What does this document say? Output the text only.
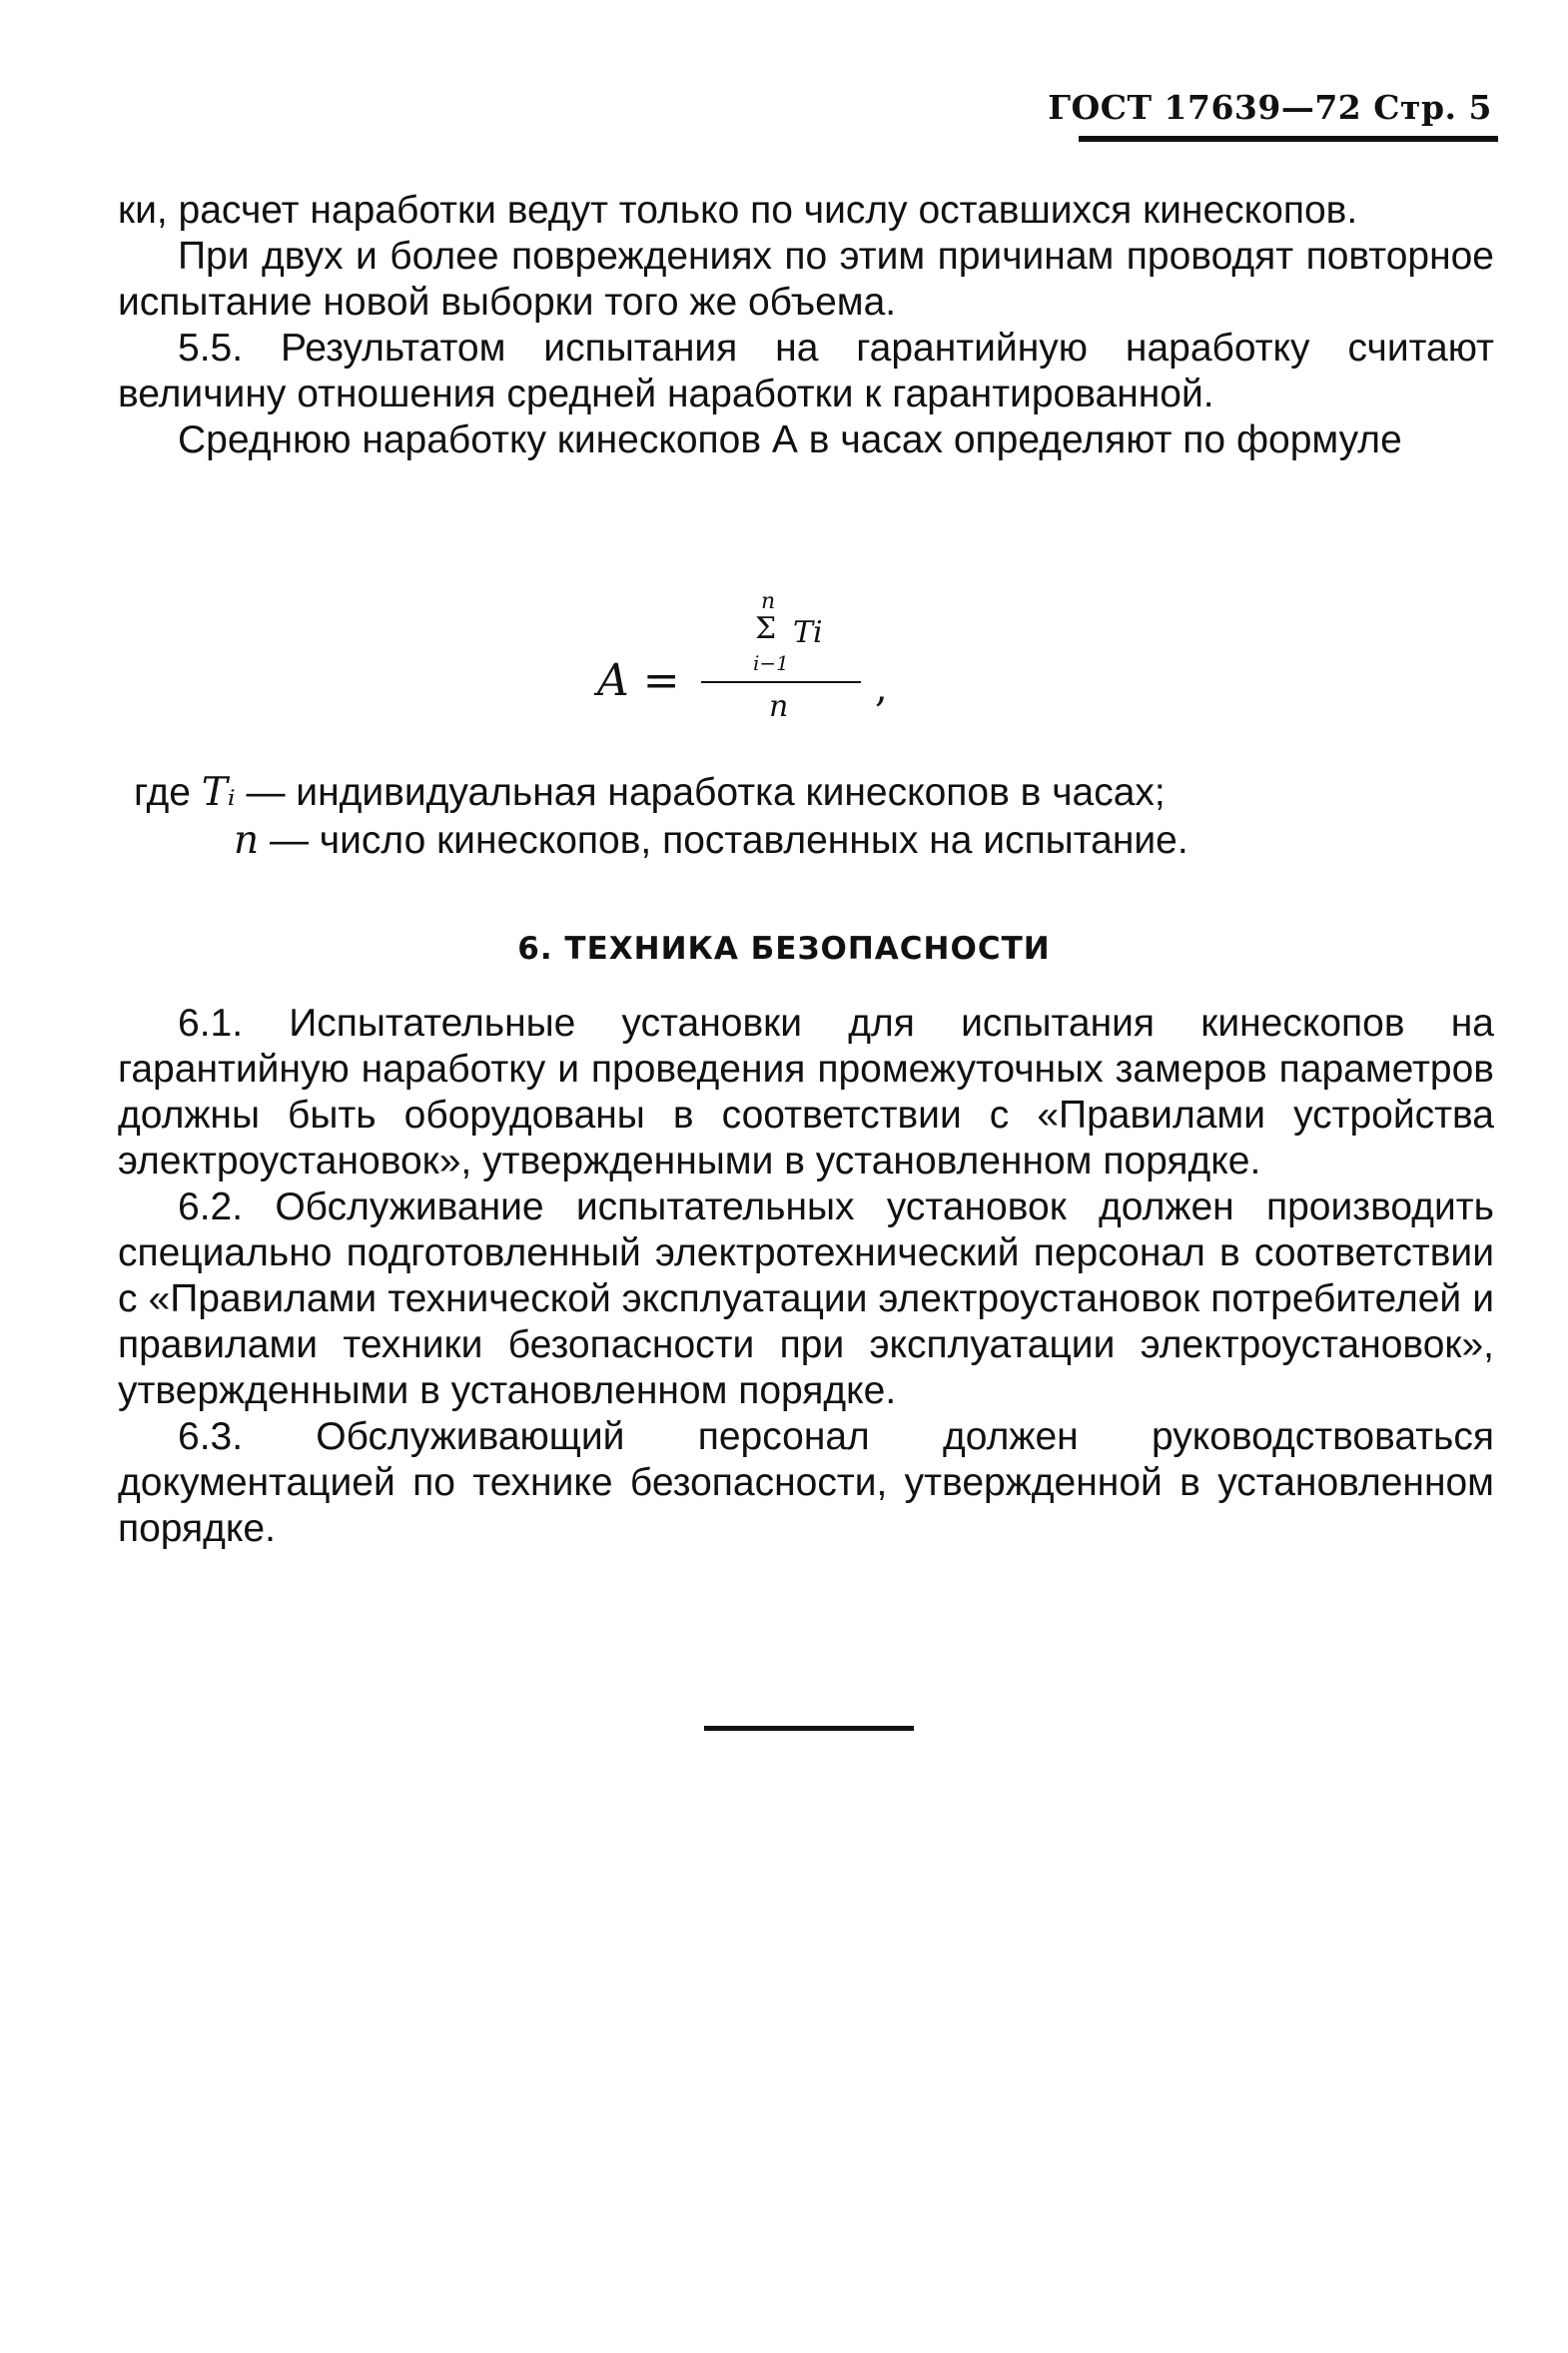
ГОСТ 17639—72 Стр. 5

ки, расчет наработки ведут только по числу оставшихся кинескопов.

При двух и более повреждениях по этим причинам проводят повторное испытание новой выборки того же объема.

5.5. Результатом испытания на гарантийную наработку считают величину отношения средней наработки к гарантированной.

Среднюю наработку кинескопов А в часах определяют по формуле

A =
n
Σ Ti
i−1
n ,
где Tᵢ — индивидуальная наработка кинескопов в часах;
n — число кинескопов, поставленных на испытание.
6. ТЕХНИКА БЕЗОПАСНОСТИ

6.1. Испытательные установки для испытания кинескопов на гарантийную наработку и проведения промежуточных замеров параметров должны быть оборудованы в соответствии с «Правилами устройства электроустановок», утвержденными в установленном порядке.

6.2. Обслуживание испытательных установок должен производить специально подготовленный электротехнический персонал в соответствии с «Правилами технической эксплуатации электроустановок потребителей и правилами техники безопасности при эксплуатации электроустановок», утвержденными в установленном порядке.

6.3. Обслуживающий персонал должен руководствоваться документацией по технике безопасности, утвержденной в установленном порядке.
